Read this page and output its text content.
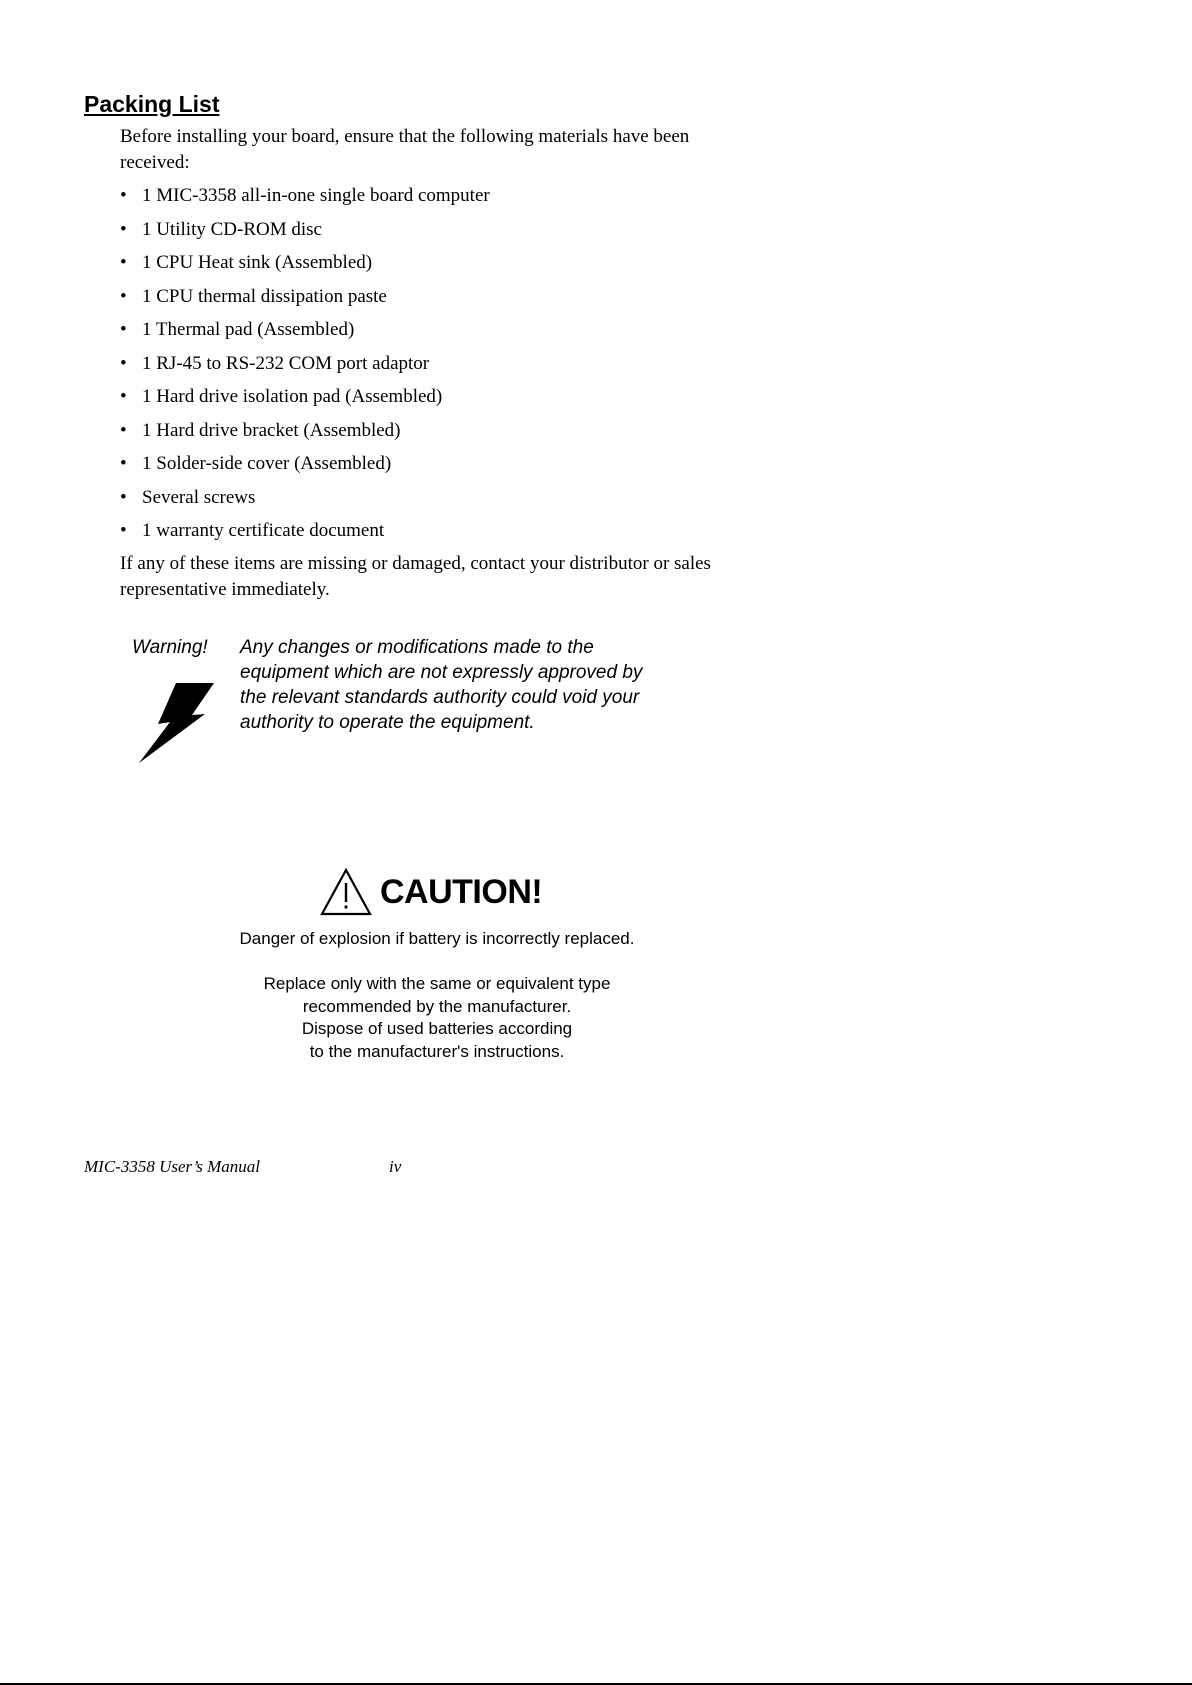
Packing List

Before installing your board, ensure that the following materials have been received:

• 1 MIC-3358 all-in-one single board computer
• 1 Utility CD-ROM disc
• 1 CPU Heat sink (Assembled)
• 1 CPU thermal dissipation paste
• 1 Thermal pad (Assembled)
• 1 RJ-45 to RS-232 COM port adaptor
• 1 Hard drive isolation pad (Assembled)
• 1 Hard drive bracket (Assembled)
• 1 Solder-side cover (Assembled)
• Several screws
• 1 warranty certificate document

If any of these items are missing or damaged, contact your distributor or sales representative immediately.

Warning! Any changes or modifications made to the equipment which are not expressly approved by the relevant standards authority could void your authority to operate the equipment.

CAUTION!

Danger of explosion if battery is incorrectly replaced.

Replace only with the same or equivalent type
recommended by the manufacturer.
Dispose of used batteries according
to the manufacturer's instructions.
MIC-3358 User’s Manual	iv
